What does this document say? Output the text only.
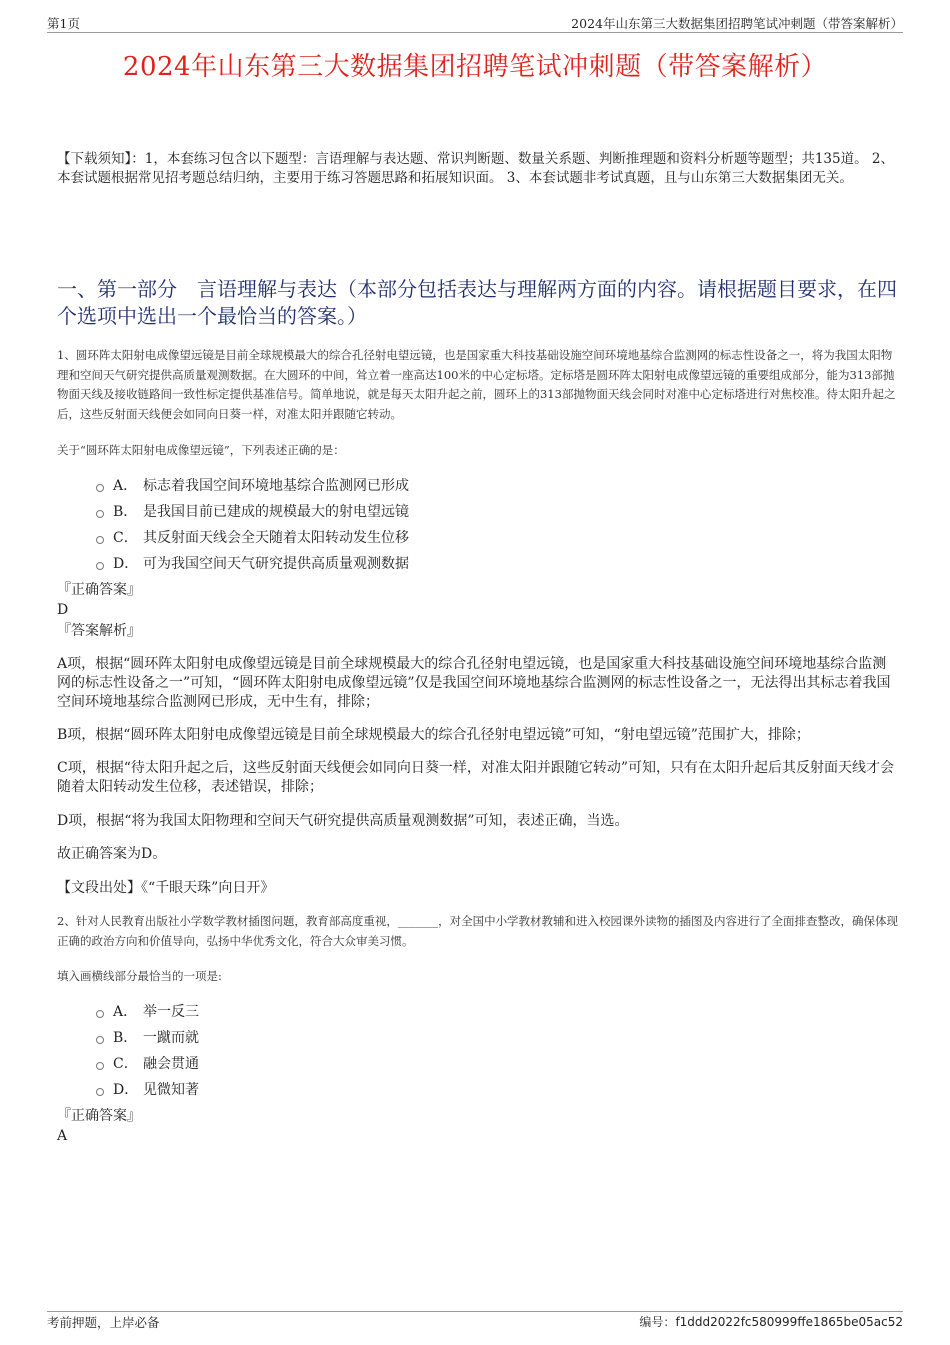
第1页	2024年山东第三大数据集团招聘笔试冲刺题（带答案解析）
2024年山东第三大数据集团招聘笔试冲刺题（带答案解析）
【下载须知】：1，本套练习包含以下题型：言语理解与表达题、常识判断题、数量关系题、判断推理题和资料分析题等题型；共135道。 2、本套试题根据常见招考题总结归纳，主要用于练习答题思路和拓展知识面。 3、本套试题非考试真题，且与山东第三大数据集团无关。
一、第一部分　言语理解与表达（本部分包括表达与理解两方面的内容。请根据题目要求，在四个选项中选出一个最恰当的答案。）
1、圆环阵太阳射电成像望远镜是目前全球规模最大的综合孔径射电望远镜，也是国家重大科技基础设施空间环境地基综合监测网的标志性设备之一，将为我国太阳物理和空间天气研究提供高质量观测数据。在大圆环的中间，耸立着一座高达100米的中心定标塔。定标塔是圆环阵太阳射电成像望远镜的重要组成部分，能为313部抛物面天线及接收链路间一致性标定提供基准信号。简单地说，就是每天太阳升起之前，圆环上的313部抛物面天线会同时对准中心定标塔进行对焦校准。待太阳升起之后，这些反射面天线便会如同向日葵一样，对准太阳并跟随它转动。
关于“圆环阵太阳射电成像望远镜”，下列表述正确的是：
A． 标志着我国空间环境地基综合监测网已形成
B． 是我国目前已建成的规模最大的射电望远镜
C． 其反射面天线会全天随着太阳转动发生位移
D． 可为我国空间天气研究提供高质量观测数据
『正确答案』
D
『答案解析』
A项，根据“圆环阵太阳射电成像望远镜是目前全球规模最大的综合孔径射电望远镜，也是国家重大科技基础设施空间环境地基综合监测网的标志性设备之一”可知，“圆环阵太阳射电成像望远镜”仅是我国空间环境地基综合监测网的标志性设备之一，无法得出其标志着我国空间环境地基综合监测网已形成，无中生有，排除；
B项，根据“圆环阵太阳射电成像望远镜是目前全球规模最大的综合孔径射电望远镜”可知，“射电望远镜”范围扩大，排除；
C项，根据“待太阳升起之后，这些反射面天线便会如同向日葵一样，对准太阳并跟随它转动”可知，只有在太阳升起后其反射面天线才会随着太阳转动发生位移，表述错误，排除；
D项，根据“将为我国太阳物理和空间天气研究提供高质量观测数据”可知，表述正确，当选。
故正确答案为D。
【文段出处】《“千眼天珠”向日开》
2、针对人民教育出版社小学数学教材插图问题，教育部高度重视，_______，对全国中小学教材教辅和进入校园课外读物的插图及内容进行了全面排查整改，确保体现正确的政治方向和价值导向，弘扬中华优秀文化，符合大众审美习惯。
填入画横线部分最恰当的一项是:
A． 举一反三
B． 一蹴而就
C． 融会贯通
D． 见微知著
『正确答案』
A
考前押题，上岸必备	编号：f1ddd2022fc580999ffe1865be05ac52
